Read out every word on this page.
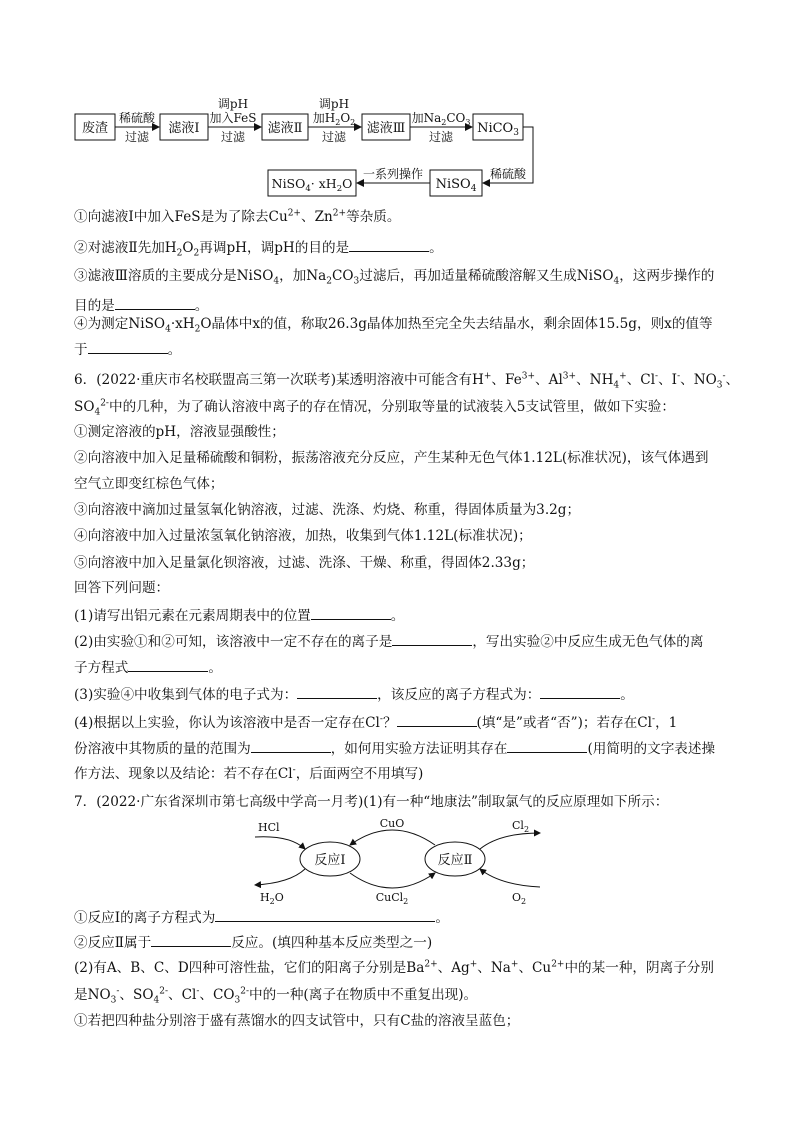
废渣	滤液Ⅰ	滤液Ⅱ	滤液Ⅲ	NiCO$_3$
NiSO$_4$
NiSO$_4$· $xH_2O$
稀硫酸
过滤
调pH
加入FeS
过滤
调pH
加$H_2O_2$
过滤
加$Na_2CO_3$
过滤
稀硫酸
一系列操作
①向滤液Ⅰ中加入FeS是为了除去$Cu^{2+}$、$Zn^{2+}$等杂质。
②对滤液Ⅱ先加$H_2O_2$再调pH，调pH的目的是	。
③滤液Ⅲ溶质的主要成分是NiSO$_4$，加$Na_2CO_3$过滤后，再加适量稀硫酸溶解又生成NiSO$_4$，这两步操作的
目的是	。
④为测定$NiSO_4\cdot xH_2O$晶体中x的值，称取26.3g晶体加热至完全失去结晶水，剩余固体15.5g，则x的值等
于	。
6．(2022·重庆市名校联盟高三第一次联考)某透明溶液中可能含有H+、$Fe^{3+}$、$Al^{3+}$、$NH_4^+$、Cl-、I-、$NO_3^-$、
$SO_4^{2-}$中的几种，为了确认溶液中离子的存在情况，分别取等量的试液装入5支试管里，做如下实验：
①测定溶液的pH，溶液显强酸性；
②向溶液中加入足量稀硫酸和铜粉，振荡溶液充分反应，产生某种无色气体1.12L(标准状况)，该气体遇到
空气立即变红棕色气体；
③向溶液中滴加过量氢氧化钠溶液，过滤、洗涤、灼烧、称重，得固体质量为3.2g；
④向溶液中加入过量浓氢氧化钠溶液，加热，收集到气体1.12L(标准状况)；
⑤向溶液中加入足量氯化钡溶液，过滤、洗涤、干燥、称重，得固体2.33g；
回答下列问题：
(1)请写出铝元素在元素周期表中的位置	。
(2)由实验①和②可知，该溶液中一定不存在的离子是	，写出实验②中反应生成无色气体的离
子方程式	。
(3)实验④中收集到气体的电子式为：	，该反应的离子方程式为：	。
(4)根据以上实验，你认为该溶液中是否一定存在Cl-？	(填“是”或者“否”)；若存在Cl-，1
份溶液中其物质的量的范围为	，如何用实验方法证明其存在	(用简明的文字表述操
作方法、现象以及结论：若不存在Cl-，后面两空不用填写)
7．(2022·广东省深圳市第七高级中学高一月考)(1)有一种“地康法”制取氯气的反应原理如下所示：
反应Ⅰ	反应Ⅱ
HCl
$H_2O$
CuO
CuCl$_2$
$Cl_2$
$O_2$
①反应Ⅰ的离子方程式为	。
②反应Ⅱ属于	反应。(填四种基本反应类型之一)
(2)有A、B、C、D四种可溶性盐，它们的阳离子分别是$Ba^{2+}$、Ag+、Na+、$Cu^{2+}$中的某一种，阴离子分别
是$NO_3^-$、$SO_4^{2-}$、Cl-、$CO_3^{2-}$中的一种(离子在物质中不重复出现)。
①若把四种盐分别溶于盛有蒸馏水的四支试管中，只有C盐的溶液呈蓝色；
